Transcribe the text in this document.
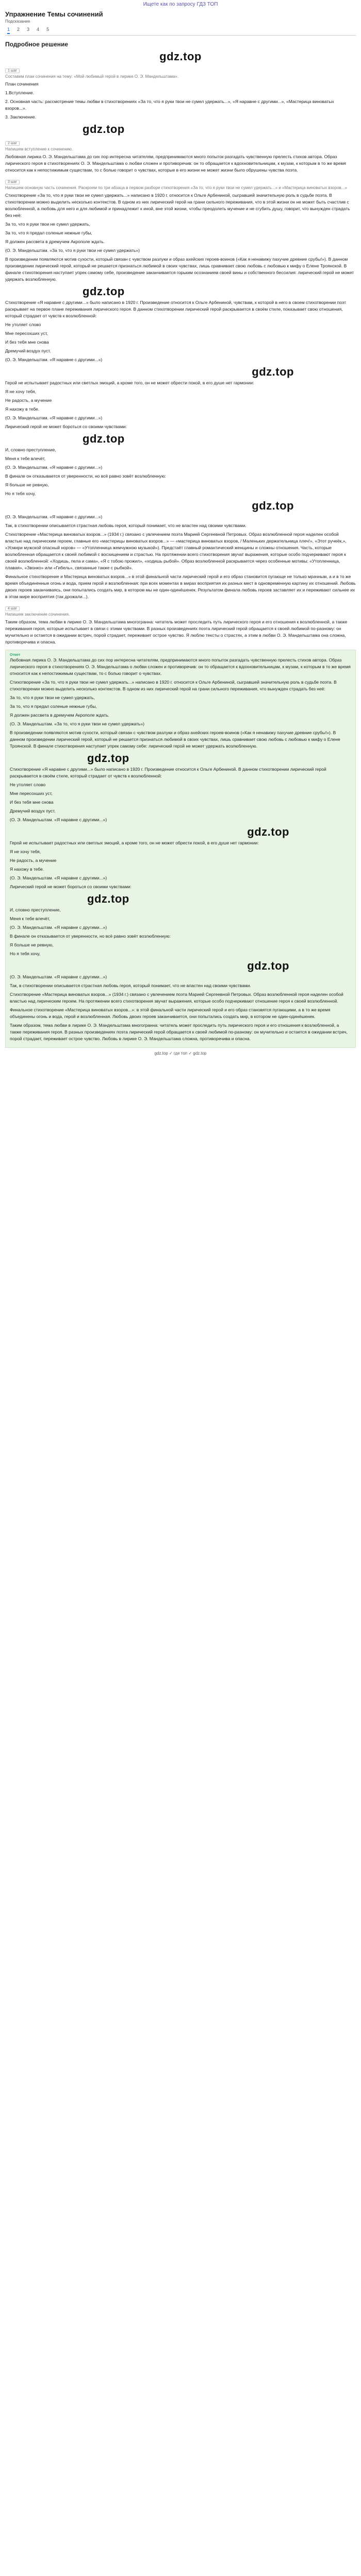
Ищете как по запросу ГДЗ ТОП
Упражнение Темы сочинений
Подсказание
1 2 3 4 5
Подробное решение
gdz.top
1 шаг
Составим план сочинения на тему: «Мой любимый герой в лирике О. Э. Мандельштама».

План сочинения

1.Вступление.

2. Основная часть: рассмотрение темы любви в стихотворениях «За то, что я руки твои не сумел удержать...», «Я наравне с другими...», «Мастерица виноватых взоров...».

3. Заключение.

gdz.top
2 шаг
Напишем вступление к сочинению.

Любовная лирика О. Э. Мандельштама до сих пор интересна читателям, предпринимаются много попыток разгадать чувственную прелесть стихов автора. Образ лирического героя в стихотворениях О. Э. Мандельштама о любви сложен и противоречив: он то обращается к вдохновительницам, к музам, к которым в то же время относится как к непостижимым существам, то с болью говорит о чувствах, которые в его жизни не может жизни было обрушены чувства поэта.

3 шаг
Напишем основную часть сочинения. Раскроем по три абзаца в первом разборе стихотворения «За то, что я руки твои не сумел удержать...» и «Мастерица виноватых взоров...»

Стихотворение «За то, что я руки твои не сумел удержать...» написано в 1920 г. относится к Ольге Арбениной, сыгравшей значительную роль в судьбе поэта. В стихотворении можно выделить несколько контекстов. В одном из них лирический герой на грани сильного переживания, что в этой жизни он не может быть счастлив с возлюбленной, а любовь для него и для любимой и принадлежит к иной, вне этой жизни, чтобы преодолеть мучение и не сгубить душу, говорит, что вынужден страдать без неё:

За то, что я руки твои не сумел удержать,

За то, что я предал соленые нежные губы,

Я должен рассвета в дремучем Акрополе ждать.

(О. Э. Мандельштам. «За то, что я руки твои не сумел удержать»)

В произведении появляются мотив сухости, который связан с чувством разлуки и образ ахейских героев-воинов («Как я ненавижу пахучие древние срубы!»). В данном произведении лирический герой, который не решается признаться любимой в своих чувствах, лишь сравнивает свою любовь с любовью к мифу о Елене Троянской. В финале стихотворения наступает упрек самому себе, произведение заканчивается горьким осознанием своей вины и собственного бессилия: лирический герой не может удержать возлюбленную.

gdz.top

Стихотворение «Я наравне с другими...» было написано в 1920 г. Произведение относится к Ольге Арбениной, чувствам, к которой в него в своем стихотворении поэт раскрывает на первое плане переживания лирического героя. В данном стихотворении лирический герой раскрывается в своём стиле, показывает свою отношения, который страдает от чувств к возлюбленной:

Не утоляет слово

Мне пересохших уст,

И без тебя мне снова

Дремучий воздух пуст.

(О. Э. Мандельштам. «Я наравне с другими...»)

gdz.top

Герой не испытывает радостных или светлых эмоций, а кроме того, он не может обрести покой, в его душе нет гармонии:

Я не хочу тебя,

Не радость, а мучение

Я нахожу в тебе.

(О. Э. Мандельштам. «Я наравне с другими...»)

Лирический герой не может бороться со своими чувствами:

gdz.top

И, словно преступление,

Меня к тебе влечёт,

(О. Э. Мандельштам. «Я наравне с другими...»)

В финале он отказывается от уверенности, но всё равно зовёт возлюбленную:

Я больше не ревную,

Но я тебя хочу,

gdz.top

(О. Э. Мандельштам. «Я наравне с другими...»)

Так, в стихотворении описывается страстная любовь героя, который понимает, что не властен над своими чувствами.

Стихотворение «Мастерица виноватых взоров...» (1934 г.) связано с увлечением поэта Марией Сергеевной Петровых. Образ возлюбленной героя наделен особой властью над лирическим героем, главные его «мастерицы виноватых взоров...» — «мастерица виноватых взоров, / Маленьких держательница плеч!», «Этот ручеёк,», «Усмири мужской опасный норов» — «Утопленница жемчужною музыкой»). Предстаёт главный романтический женщины и сложны отношения. Часть, которые возлюбленная обращается к своей любимой с восхищением и страстью. На протяжении всего стихотворения звучат выражения, которые особо подчеркивают героя к своей возлюбленной: «Ходишь, пела и сама», «Я с тобою прожил», «ходишь рыбой». Образ возлюбленной раскрывается через особенные мотивы: «Утопленница, плавая», «Звонко» или «Гибель», связанные также с рыбкой».

Финальное стихотворение и Мастерица виноватых взоров...» в этой финальной части лирический герой и его образ становится пугающе не только мрачным, а и в то же время объединенные огонь и вода, прием герой и возлюбленная: при всех моментах в мирах восприятия их разных мест в одновременную картину их отношений. Любовь двоих героев заканчиваясь, они попытались создать мир, в котором мы не один-одинёшенек. Результатом финала любовь героев заставляет их и переживают сильнее их в этом мире восприятия (так дрожали...).

4 шаг
Напишем заключение сочинения.

Таким образом, тема любви в лирике О. Э. Мандельштама многогранна: читатель может проследить путь лирического героя и его отношения к возлюбленной, а также переживания героя, которые испытывает в связи с этими чувствами. В разных произведениях поэта лирический герой обращается к своей любимой по-разному: он мучительно и остается в ожидании встреч, порой страдает, переживает острое чувство. Я люблю тексты о страстях, а этим в любви О. Э. Мандельштама она сложна, противоречива и опасна.

Ответ

Любовная лирика О. Э. Мандельштама до сих пор интересна читателям, предпринимаются много попыток разгадать чувственную прелесть стихов автора. Образ лирического героя в стихотворениях О. Э. Мандельштама о любви сложен и противоречив: он то обращается к вдохновительницам, к музам, к которым в то же время относится как к непостижимым существам, то с болью говорит о чувствах.

Стихотворение «За то, что я руки твои не сумел удержать...» написано в 1920 г. относится к Ольге Арбениной, сыгравшей значительную роль в судьбе поэта. В стихотворении можно выделить несколько контекстов. В одном из них лирический герой на грани сильного переживания, что вынужден страдать без неё:

За то, что я руки твои не сумел удержать,

За то, что я предал соленые нежные губы,

Я должен рассвета в дремучем Акрополе ждать.

(О. Э. Мандельштам. «За то, что я руки твои не сумел удержать»)

В произведении появляются мотив сухости, который связан с чувством разлуки и образ ахейских героев-воинов («Как я ненавижу пахучие древние срубы!»). В данном произведении лирический герой, который не решается признаться любимой в своих чувствах, лишь сравнивает свою любовь с любовью к мифу о Елене Троянской. В финале стихотворения наступает упрек самому себе: лирический герой не может удержать возлюбленную.

gdz.top

Стихотворение «Я наравне с другими...» было написано в 1920 г. Произведение относится к Ольге Арбениной. В данном стихотворении лирический герой раскрывается в своём стиле, который страдает от чувств к возлюбленной:

Не утоляет слово

Мне пересохших уст,

И без тебя мне снова

Дремучий воздух пуст.

(О. Э. Мандельштам. «Я наравне с другими...»)

gdz.top

Герой не испытывает радостных или светлых эмоций, а кроме того, он не может обрести покой, в его душе нет гармонии:

Я не хочу тебя,

Не радость, а мучение

Я нахожу в тебе.

(О. Э. Мандельштам. «Я наравне с другими...»)

Лирический герой не может бороться со своими чувствами:

gdz.top

И, словно преступление,

Меня к тебе влечёт,

(О. Э. Мандельштам. «Я наравне с другими...»)

В финале он отказывается от уверенности, но всё равно зовёт возлюбленную:

Я больше не ревную,

Но я тебя хочу,

gdz.top

(О. Э. Мандельштам. «Я наравне с другими...»)

Так, в стихотворении описывается страстная любовь героя, который понимает, что не властен над своими чувствами.

Стихотворение «Мастерица виноватых взоров...» (1934 г.) связано с увлечением поэта Марией Сергеевной Петровых. Образ возлюбленной героя наделен особой властью над лирическим героем. На протяжении всего стихотворения звучат выражения, которые особо подчеркивают отношение героя к своей возлюбленной.

Финальное стихотворение «Мастерица виноватых взоров...»: в этой финальной части лирический герой и его образ становятся пугающими, а в то же время объединены огонь и вода, герой и возлюбленная. Любовь двоих героев заканчивается, они попытались создать мир, в котором не один-одинёшенек.

Таким образом, тема любви в лирике О. Э. Мандельштама многогранна: читатель может проследить путь лирического героя и его отношения к возлюбленной, а также переживания героя. В разных произведениях поэта лирический герой обращается к своей любимой по-разному: он мучительно и остается в ожидании встреч, порой страдает, переживает острое чувство. Любовь в лирике О. Э. Мандельштама сложна, противоречива и опасна.

gdz.top ✓ где топ ✓ gdz.top
